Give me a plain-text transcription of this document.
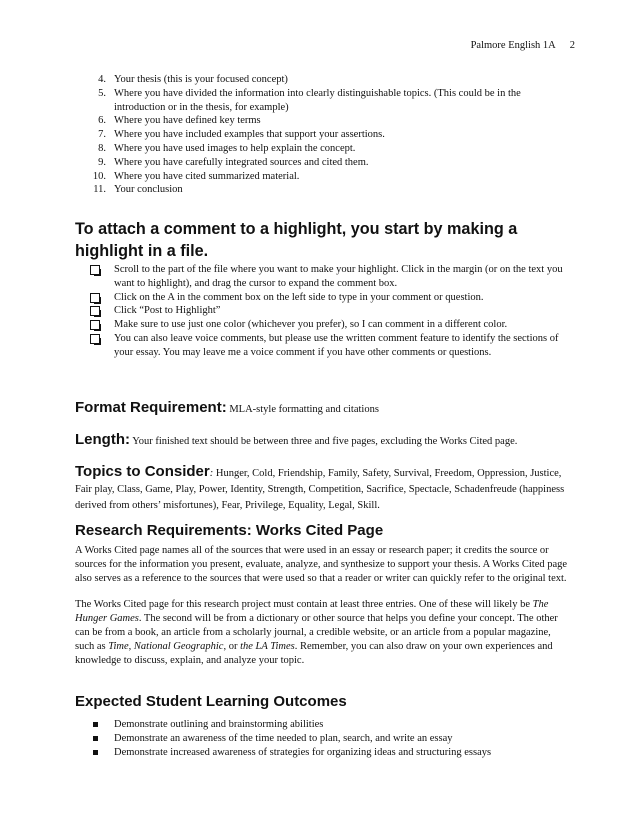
Palmore English 1A 2
4. Your thesis (this is your focused concept)
5. Where you have divided the information into clearly distinguishable topics. (This could be in the introduction or in the thesis, for example)
6. Where you have defined key terms
7. Where you have included examples that support your assertions.
8. Where you have used images to help explain the concept.
9. Where you have carefully integrated sources and cited them.
10. Where you have cited summarized material.
11. Your conclusion
To attach a comment to a highlight, you start by making a highlight in a file.
Scroll to the part of the file where you want to make your highlight. Click in the margin (or on the text you want to highlight), and drag the cursor to expand the comment box.
Click on the A in the comment box on the left side to type in your comment or question.
Click “Post to Highlight”
Make sure to use just one color (whichever you prefer), so I can comment in a different color.
You can also leave voice comments, but please use the written comment feature to identify the sections of your essay. You may leave me a voice comment if you have other comments or questions.
Format Requirement: MLA-style formatting and citations
Length: Your finished text should be between three and five pages, excluding the Works Cited page.
Topics to Consider: Hunger, Cold, Friendship, Family, Safety, Survival, Freedom, Oppression, Justice, Fair play, Class, Game, Play, Power, Identity, Strength, Competition, Sacrifice, Spectacle, Schadenfreude (happiness derived from others’ misfortunes), Fear, Privilege, Equality, Legal, Skill.
Research Requirements: Works Cited Page

A Works Cited page names all of the sources that were used in an essay or research paper; it credits the source or sources for the information you present, evaluate, analyze, and synthesize to support your thesis. A Works Cited page also serves as a reference to the sources that were used so that a reader or writer can quickly refer to the original text.

The Works Cited page for this research project must contain at least three entries. One of these will likely be The Hunger Games. The second will be from a dictionary or other source that helps you define your concept. The other can be from a book, an article from a scholarly journal, a credible website, or an article from a popular magazine, such as Time, National Geographic, or the LA Times. Remember, you can also draw on your own experiences and knowledge to discuss, explain, and analyze your topic.

Expected Student Learning Outcomes
Demonstrate outlining and brainstorming abilities
Demonstrate an awareness of the time needed to plan, search, and write an essay
Demonstrate increased awareness of strategies for organizing ideas and structuring essays
